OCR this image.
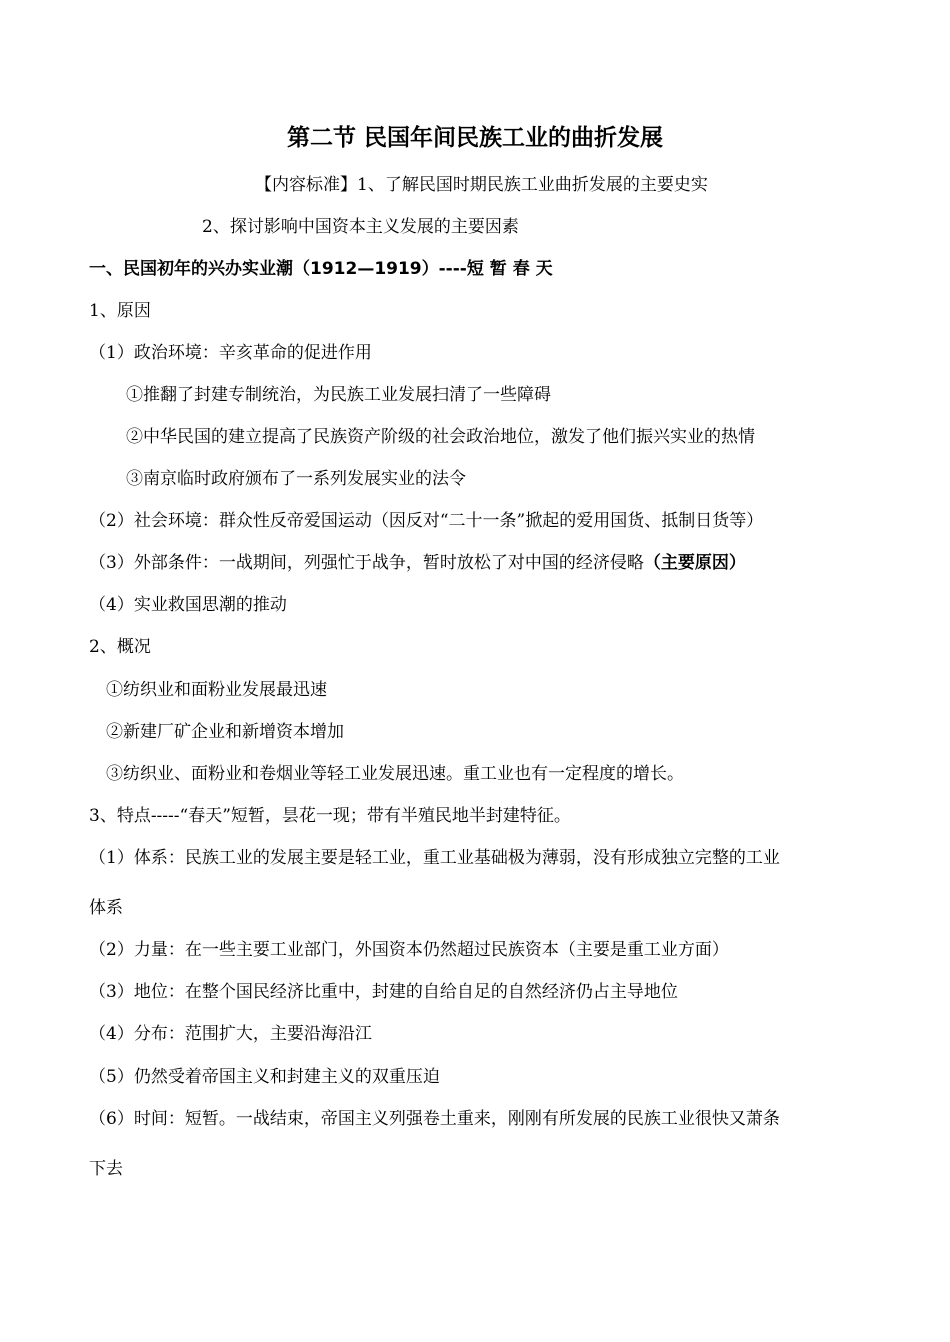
第二节 民国年间民族工业的曲折发展
【内容标准】1、了解民国时期民族工业曲折发展的主要史实
2、探讨影响中国资本主义发展的主要因素
一、民国初年的兴办实业潮（1912—1919）----短 暂 春 天
1、原因
（1）政治环境：辛亥革命的促进作用
①推翻了封建专制统治，为民族工业发展扫清了一些障碍
②中华民国的建立提高了民族资产阶级的社会政治地位，激发了他们振兴实业的热情
③南京临时政府颁布了一系列发展实业的法令
（2）社会环境：群众性反帝爱国运动（因反对“二十一条”掀起的爱用国货、抵制日货等）
（3）外部条件：一战期间，列强忙于战争，暂时放松了对中国的经济侵略（主要原因）
（4）实业救国思潮的推动
2、概况
①纺织业和面粉业发展最迅速
②新建厂矿企业和新增资本增加
③纺织业、面粉业和卷烟业等轻工业发展迅速。重工业也有一定程度的增长。
3、特点-----“春天”短暂，昙花一现；带有半殖民地半封建特征。
（1）体系：民族工业的发展主要是轻工业，重工业基础极为薄弱，没有形成独立完整的工业
体系
（2）力量：在一些主要工业部门，外国资本仍然超过民族资本（主要是重工业方面）
（3）地位：在整个国民经济比重中，封建的自给自足的自然经济仍占主导地位
（4）分布：范围扩大，主要沿海沿江
（5）仍然受着帝国主义和封建主义的双重压迫
（6）时间：短暂。一战结束，帝国主义列强卷土重来，刚刚有所发展的民族工业很快又萧条
下去
